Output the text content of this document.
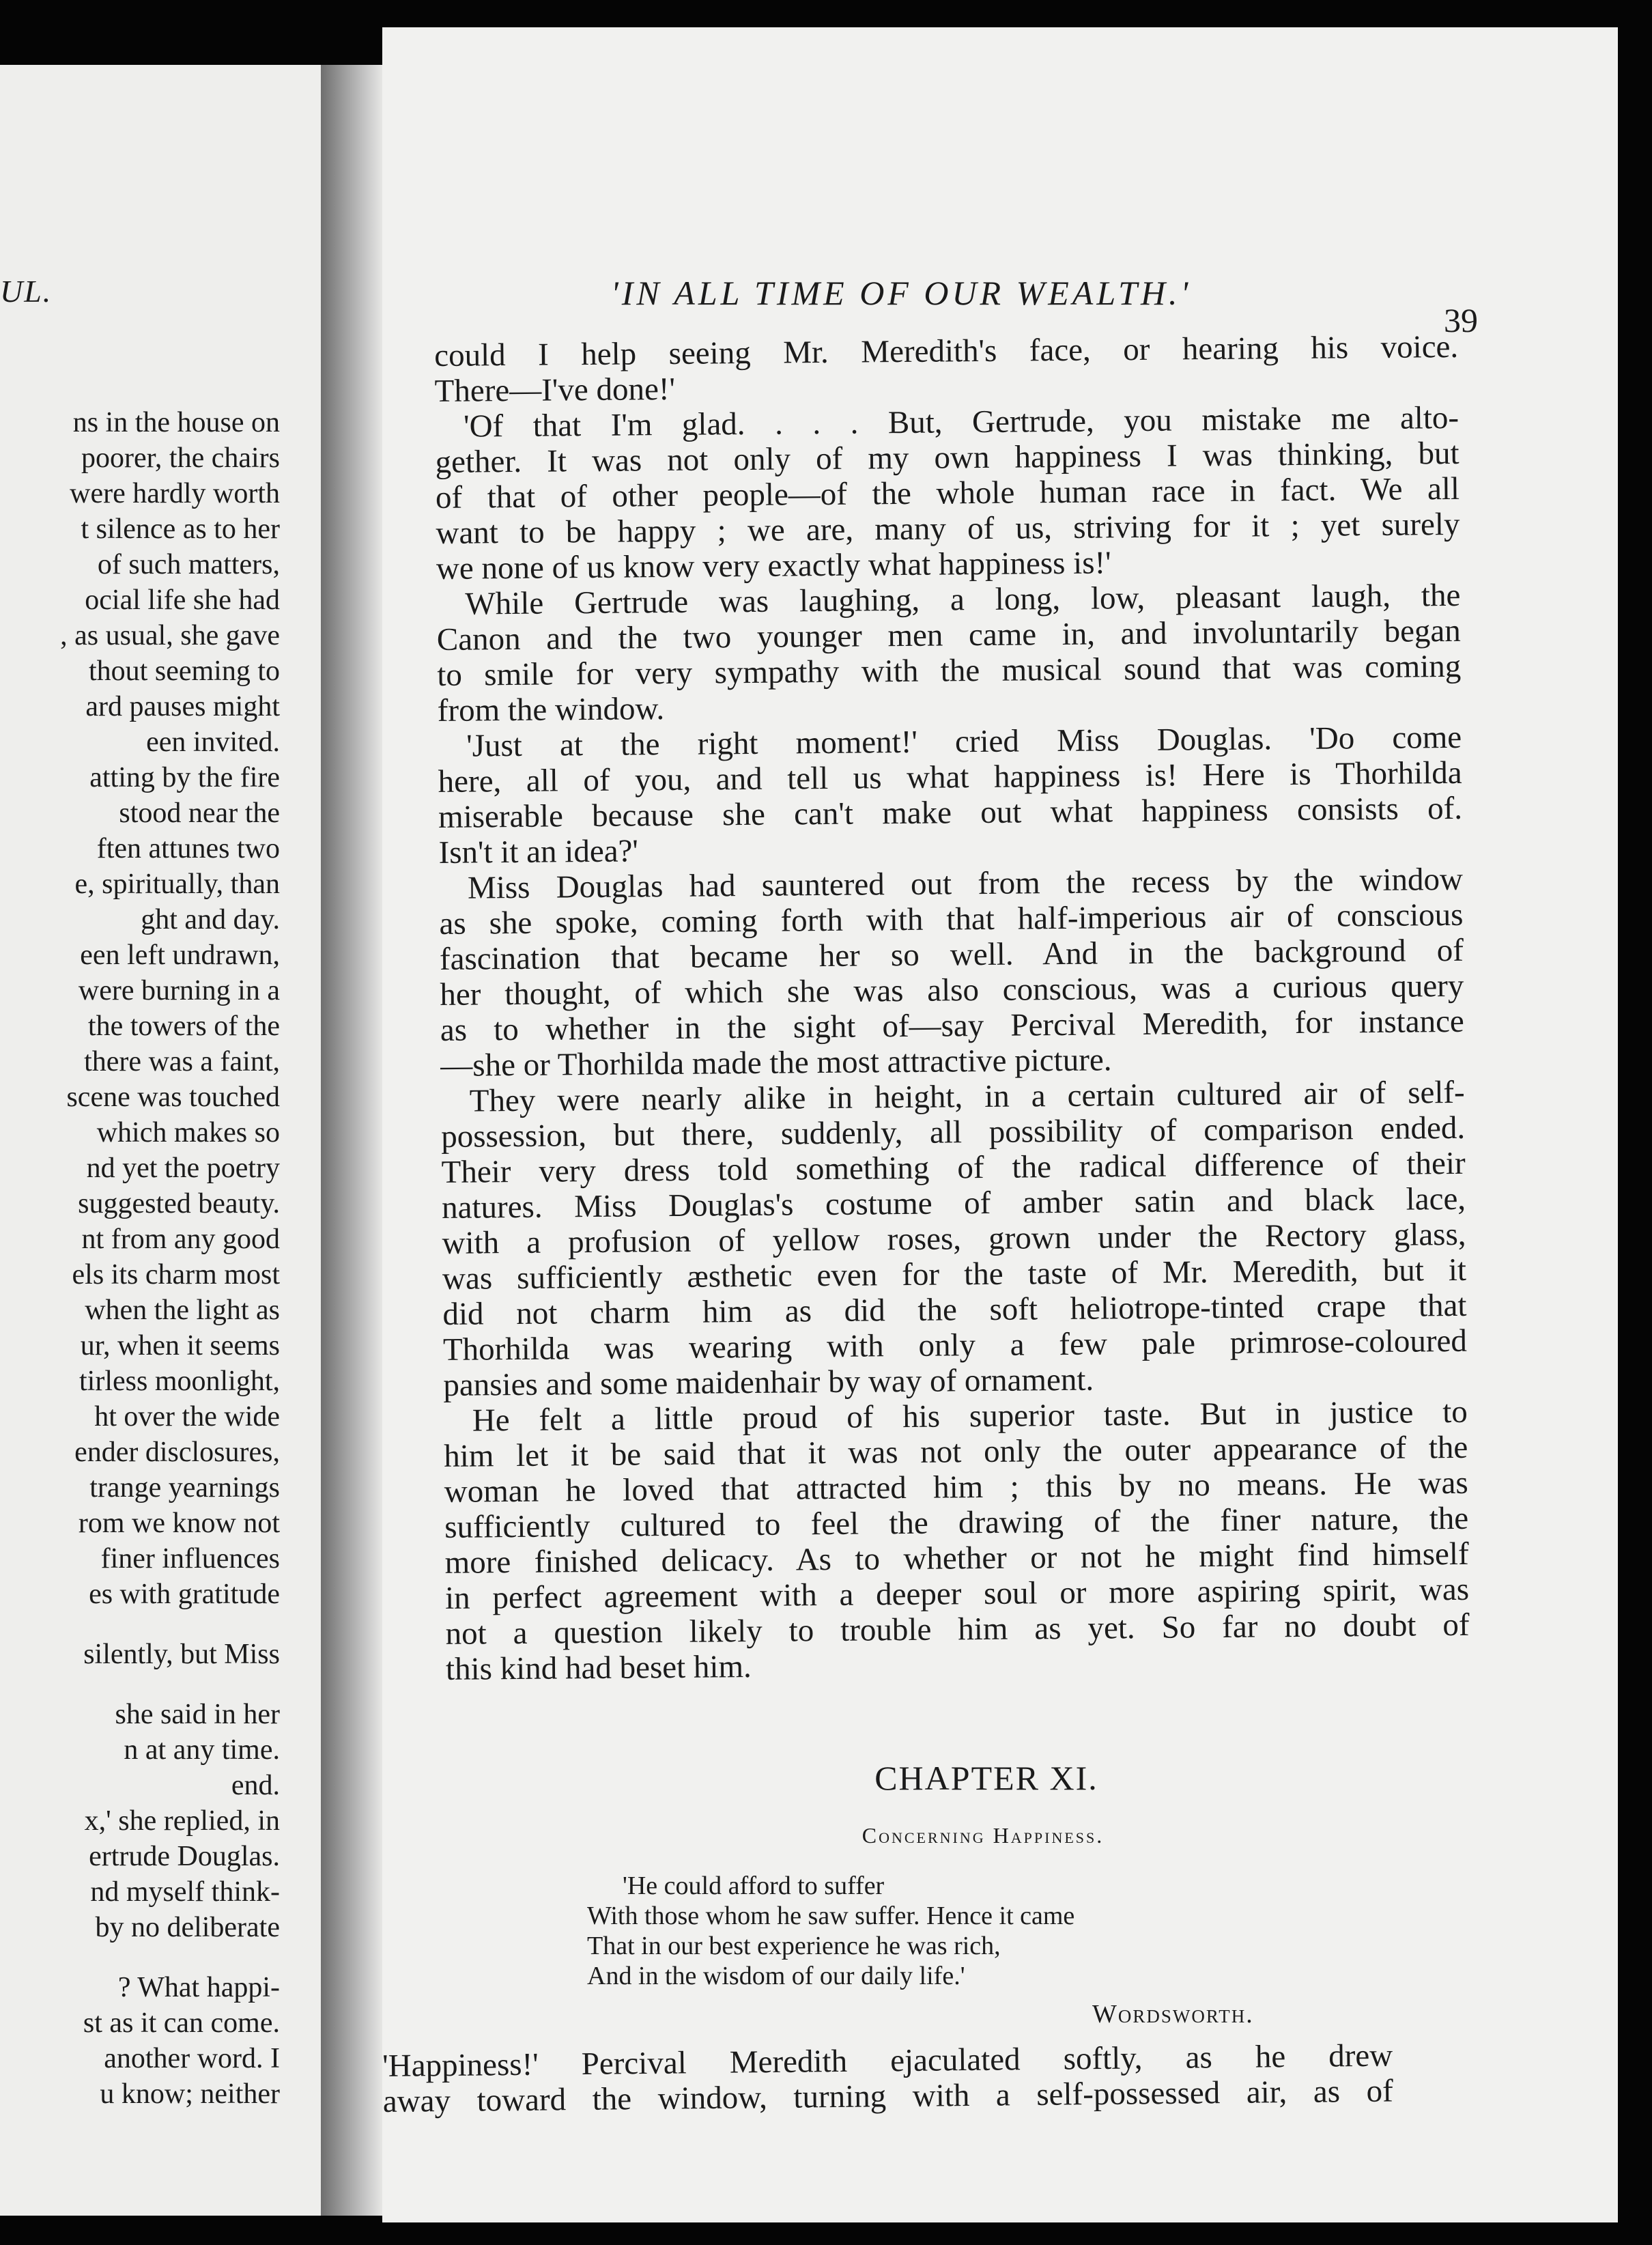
UL.
ns in the house on
poorer, the chairs
were hardly worth
t silence as to her
of such matters,
ocial life she had
, as usual, she gave
thout seeming to
ard pauses might
een invited.
atting by the fire
stood near the
ften attunes two
e, spiritually, than
ght and day.
een left undrawn,
were burning in a
the towers of the
there was a faint,
scene was touched
which makes so
nd yet the poetry
suggested beauty.
nt from any good
els its charm most
when the light as
ur, when it seems
tirless moonlight,
ht over the wide
ender disclosures,
trange yearnings
rom we know not
finer influences
es with gratitude
silently, but Miss
she said in her
n at any time.
end.
x,' she replied, in
ertrude Douglas.
nd myself think-
by no deliberate
? What happi-
st as it can come.
another word. I
u know; neither
'IN ALL TIME OF OUR WEALTH.'
39
could I help seeing Mr. Meredith's face, or hearing his voice.
There—I've done!'
'Of that I'm glad. . . . But, Gertrude, you mistake me alto-
gether. It was not only of my own happiness I was thinking, but
of that of other people—of the whole human race in fact. We all
want to be happy ; we are, many of us, striving for it ; yet surely
we none of us know very exactly what happiness is!'
While Gertrude was laughing, a long, low, pleasant laugh, the
Canon and the two younger men came in, and involuntarily began
to smile for very sympathy with the musical sound that was coming
from the window.
'Just at the right moment!' cried Miss Douglas. 'Do come
here, all of you, and tell us what happiness is! Here is Thorhilda
miserable because she can't make out what happiness consists of.
Isn't it an idea?'
Miss Douglas had sauntered out from the recess by the window
as she spoke, coming forth with that half-imperious air of conscious
fascination that became her so well. And in the background of
her thought, of which she was also conscious, was a curious query
as to whether in the sight of—say Percival Meredith, for instance
—she or Thorhilda made the most attractive picture.
They were nearly alike in height, in a certain cultured air of self-
possession, but there, suddenly, all possibility of comparison ended.
Their very dress told something of the radical difference of their
natures. Miss Douglas's costume of amber satin and black lace,
with a profusion of yellow roses, grown under the Rectory glass,
was sufficiently æsthetic even for the taste of Mr. Meredith, but it
did not charm him as did the soft heliotrope-tinted crape that
Thorhilda was wearing with only a few pale primrose-coloured
pansies and some maidenhair by way of ornament.
He felt a little proud of his superior taste. But in justice to
him let it be said that it was not only the outer appearance of the
woman he loved that attracted him ; this by no means. He was
sufficiently cultured to feel the drawing of the finer nature, the
more finished delicacy. As to whether or not he might find himself
in perfect agreement with a deeper soul or more aspiring spirit, was
not a question likely to trouble him as yet. So far no doubt of
this kind had beset him.
CHAPTER XI.
Concerning Happiness.
'He could afford to suffer
With those whom he saw suffer. Hence it came
That in our best experience he was rich,
And in the wisdom of our daily life.'
Wordsworth.
'Happiness!' Percival Meredith ejaculated softly, as he drew
away toward the window, turning with a self-possessed air, as of
